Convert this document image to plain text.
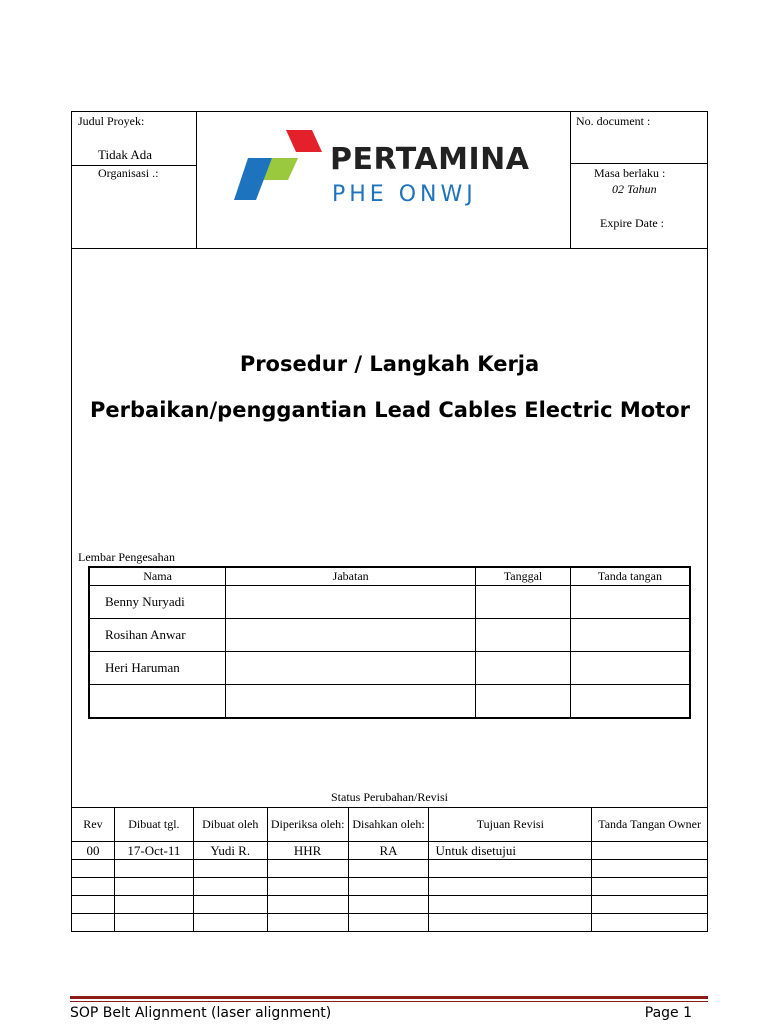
Judul Proyek:
Tidak Ada
Organisasi .:
No. document :
Masa berlaku :
02 Tahun
Expire Date :
PERTAMINA
PHE ONWJ
Prosedur / Langkah Kerja
Perbaikan/penggantian Lead Cables Electric Motor
Lembar Pengesahan
Nama	Jabatan	Tanggal	Tanda tangan
Benny Nuryadi			
Rosihan Anwar			
Heri Haruman			

Status Perubahan/Revisi
Rev	Dibuat tgl.	Dibuat oleh	Diperiksa oleh:	Disahkan oleh:	Tujuan Revisi	Tanda Tangan Owner
00	17-Oct-11	Yudi R.	HHR	RA	Untuk disetujui	

SOP Belt Alignment (laser alignment)	Page 1
